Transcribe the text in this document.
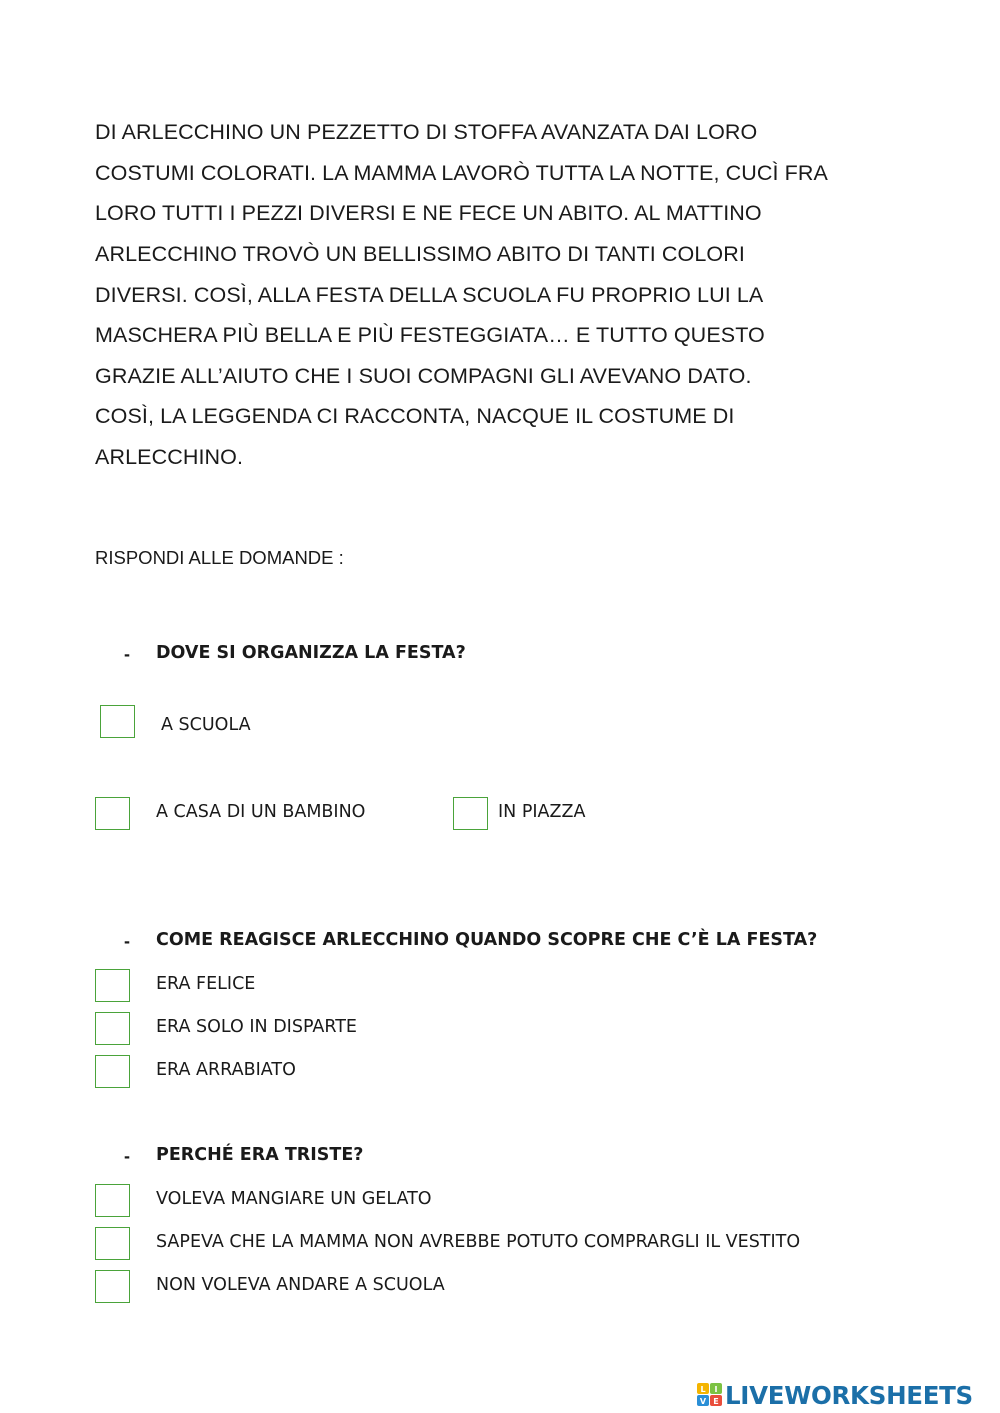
DI ARLECCHINO UN PEZZETTO DI STOFFA AVANZATA DAI LORO
COSTUMI COLORATI. LA MAMMA LAVORÒ TUTTA LA NOTTE, CUCÌ FRA
LORO TUTTI I PEZZI DIVERSI E NE FECE UN ABITO. AL MATTINO
ARLECCHINO TROVÒ UN BELLISSIMO ABITO DI TANTI COLORI
DIVERSI. COSÌ, ALLA FESTA DELLA SCUOLA FU PROPRIO LUI LA
MASCHERA PIÙ BELLA E PIÙ FESTEGGIATA… E TUTTO QUESTO
GRAZIE ALL’AIUTO CHE I SUOI COMPAGNI GLI AVEVANO DATO.
COSÌ, LA LEGGENDA CI RACCONTA, NACQUE IL COSTUME DI
ARLECCHINO.
RISPONDI ALLE DOMANDE :
- DOVE SI ORGANIZZA LA FESTA?
A SCUOLA
A CASA DI UN BAMBINO	IN PIAZZA
- COME REAGISCE ARLECCHINO QUANDO SCOPRE CHE C’È LA FESTA?
ERA FELICE
ERA SOLO IN DISPARTE
ERA ARRABIATO
- PERCHÉ ERA TRISTE?
VOLEVA MANGIARE UN GELATO
SAPEVA CHE LA MAMMA NON AVREBBE POTUTO COMPRARGLI IL VESTITO
NON VOLEVA ANDARE A SCUOLA
L I
V E LIVEWORKSHEETS
